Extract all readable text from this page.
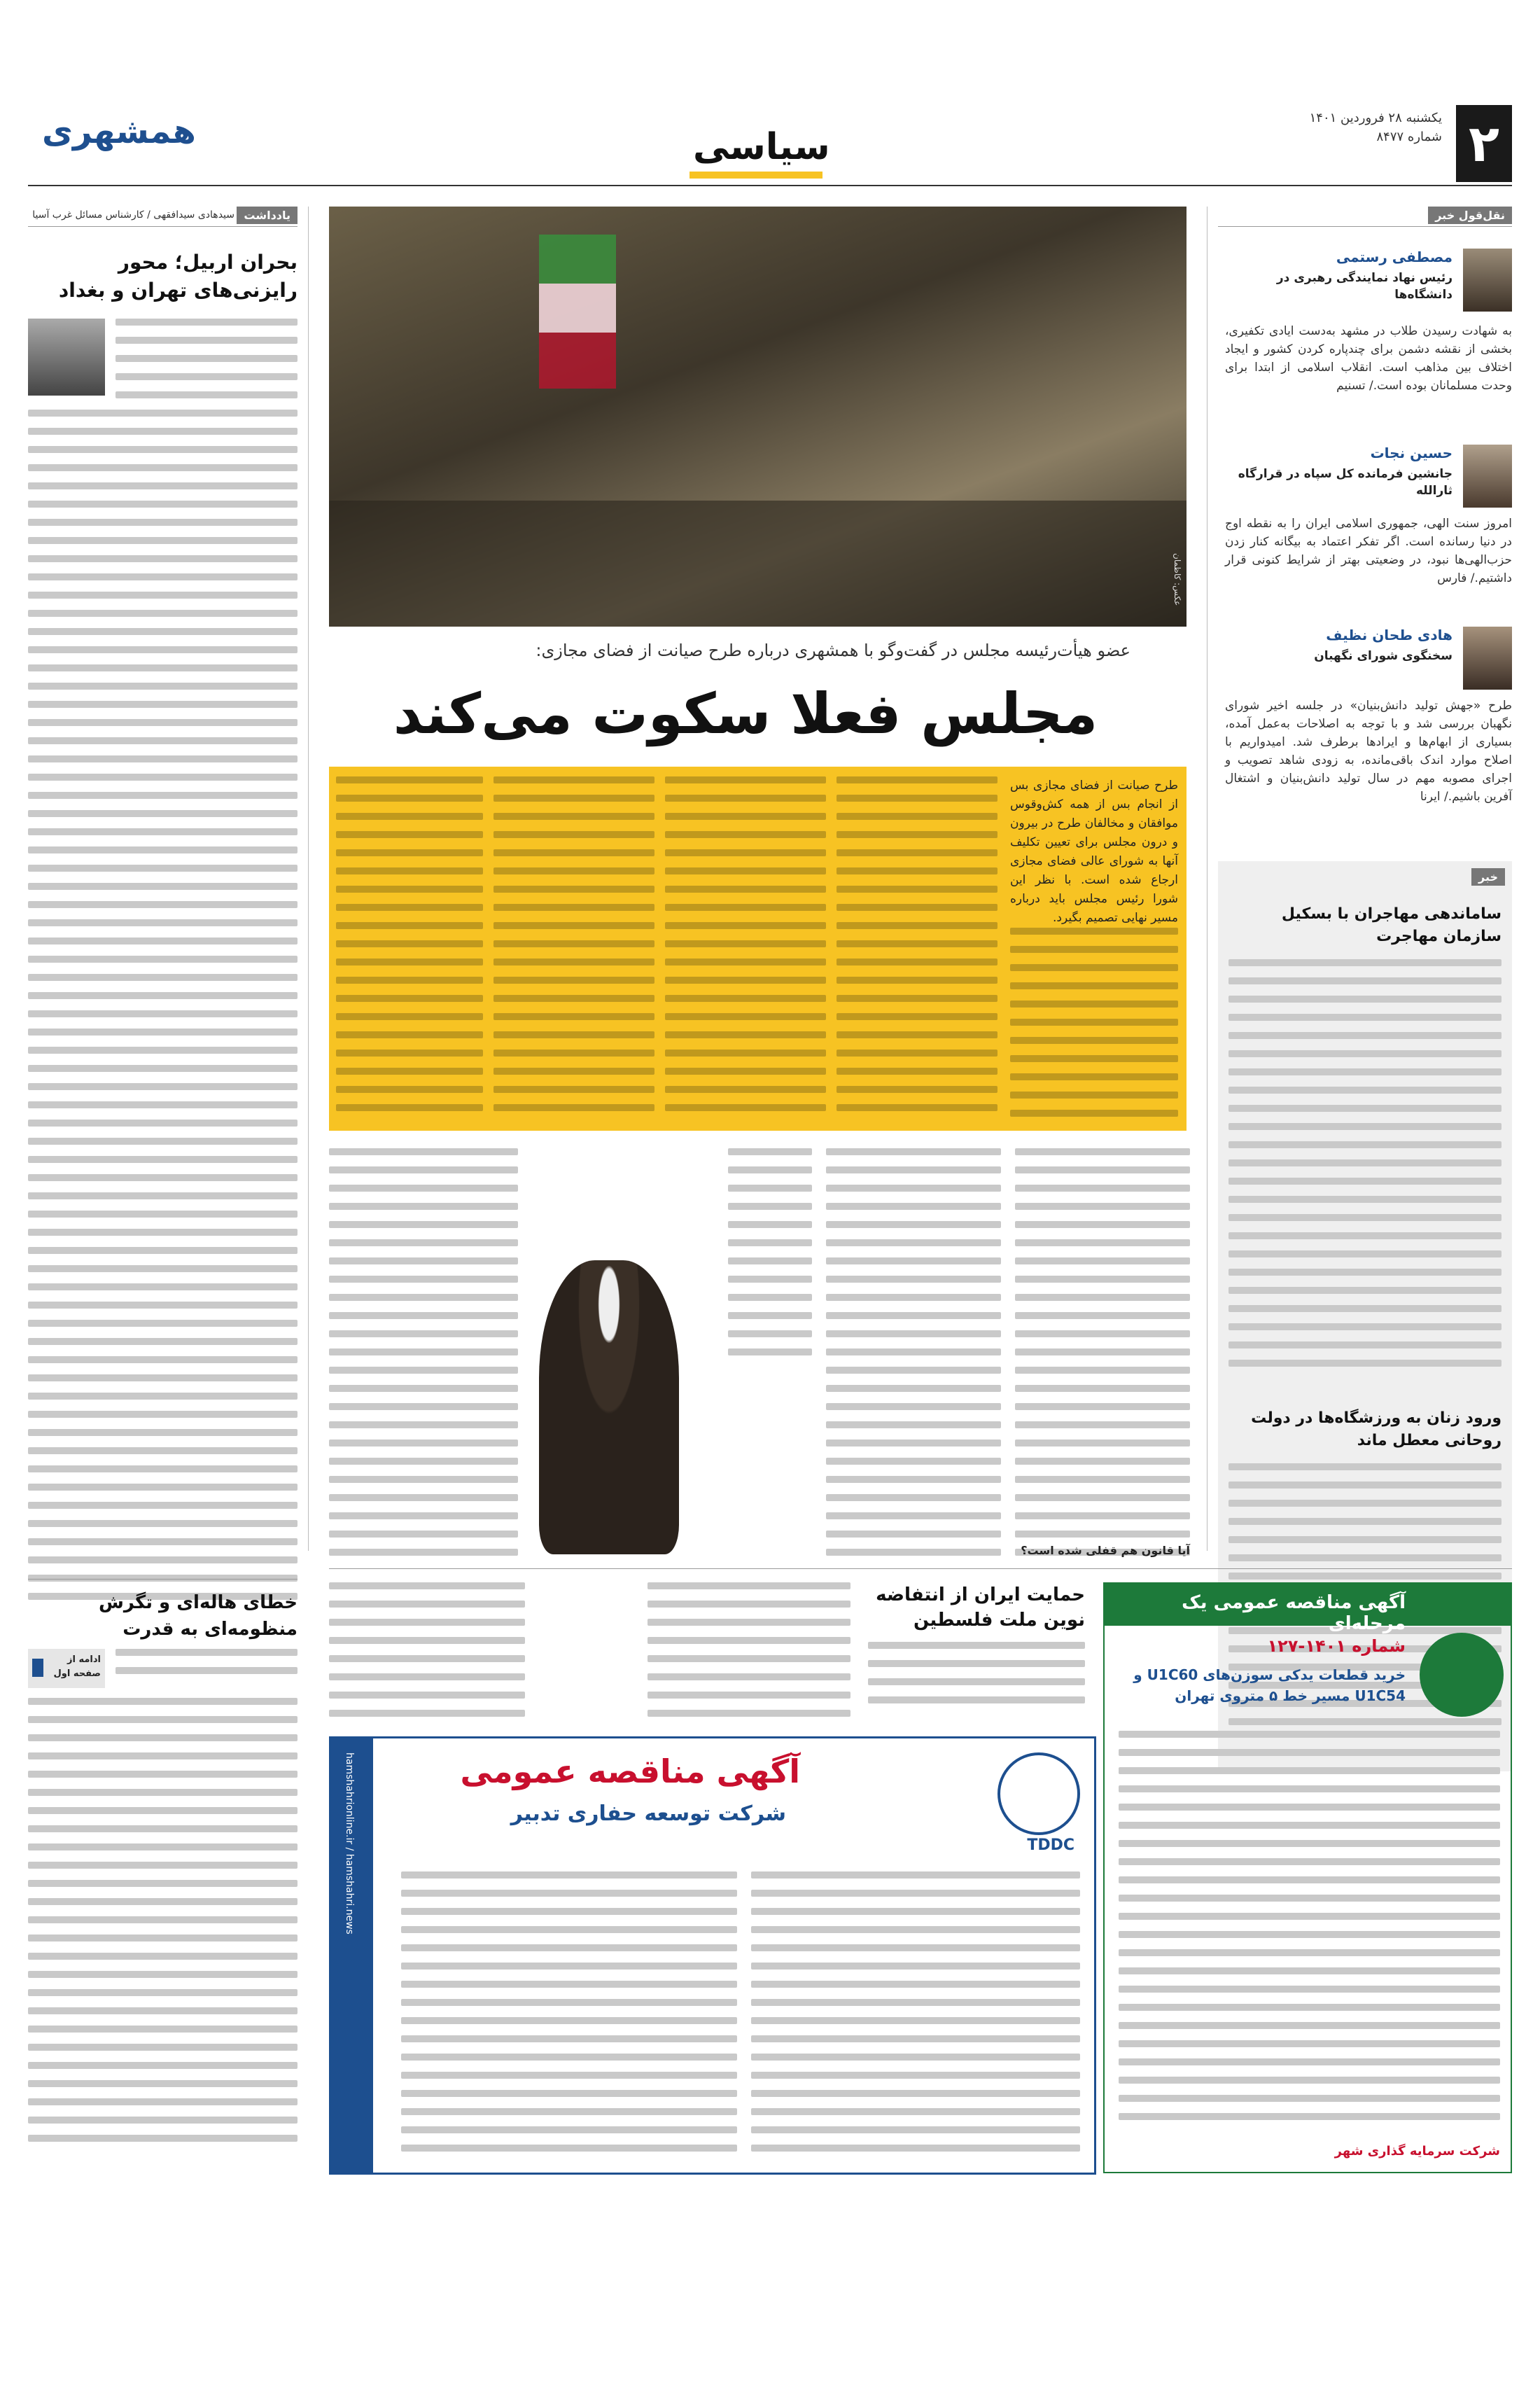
۲
یکشنبه ۲۸ فروردین ۱۴۰۱
شماره ۸۴۷۷
سیاسی
همشهری
نقل‌قول خبر
مصطفی رستمی
رئیس نهاد نمایندگی رهبری در دانشگاه‌ها
به شهادت رسیدن طلاب در مشهد به‌دست ایادی تکفیری، بخشی از نقشه دشمن برای چندپاره کردن کشور و ایجاد اختلاف بین مذاهب است. انقلاب اسلامی از ابتدا برای وحدت مسلمانان بوده است./ تسنیم
حسین نجات
جانشین فرمانده کل سپاه در قرارگاه ثارالله
امروز سنت الهی، جمهوری اسلامی ایران را به نقطه اوج در دنیا رسانده است. اگر تفکر اعتماد به بیگانه کنار زدن حزب‌الهی‌ها نبود، در وضعیتی بهتر از شرایط کنونی قرار داشتیم./ فارس
هادی طحان نظیف
سخنگوی شورای نگهبان
طرح «جهش تولید دانش‌بنیان» در جلسه اخیر شورای نگهبان بررسی شد و با توجه به اصلاحات به‌عمل آمده، بسیاری از ابهام‌ها و ایرادها برطرف شد. امیدواریم با اصلاح موارد اندک باقی‌مانده، به زودی شاهد تصویب و اجرای مصوبه مهم در سال تولید دانش‌بنیان و اشتغال آفرین باشیم./ ایرنا
خبر
ساماندهی مهاجران با بسکیل سازمان مهاجرت
ورود زنان به ورزشگاه‌ها در دولت روحانی معطل ماند
عکس: کاظمان
عضو هیأت‌رئیسه مجلس در گفت‌وگو با همشهری درباره طرح صیانت از فضای مجازی:
مجلس فعلا سکوت می‌کند
طرح صیانت از فضای مجازی بس از انجام بس از همه کش‌وقوس موافقان و مخالفان طرح در بیرون و درون مجلس برای تعیین تکلیف آنها به شورای عالی فضای مجازی ارجاع شده است. با نظر این شورا رئیس مجلس باید درباره مسیر نهایی تصمیم بگیرد.
آیا قانون هم قفلی شده است؟
یادداشت
سیدهادی سیدافقهی / کارشناس مسائل غرب آسیا
بحران اربیل؛ محور رایزنی‌های تهران و بغداد
خطای هاله‌ای و تگرش منظومه‌ای به قدرت
ادامه از صفحه اول
آگهی مناقصه عمومی یک مرحله‌ای
شماره ۱۴۰۱-۱۲۷
خرید قطعات یدکی سوزن‌های U1C60 و U1C54 مسیر خط ۵ متروی تهران
شرکت سرمایه گذاری شهر
حمایت ایران از انتفاضه نوین ملت فلسطین
TDDC
آگهی مناقصه عمومی
شرکت توسعه حفاری تدبیر
hamshahrionline.ir / hamshahri.news
